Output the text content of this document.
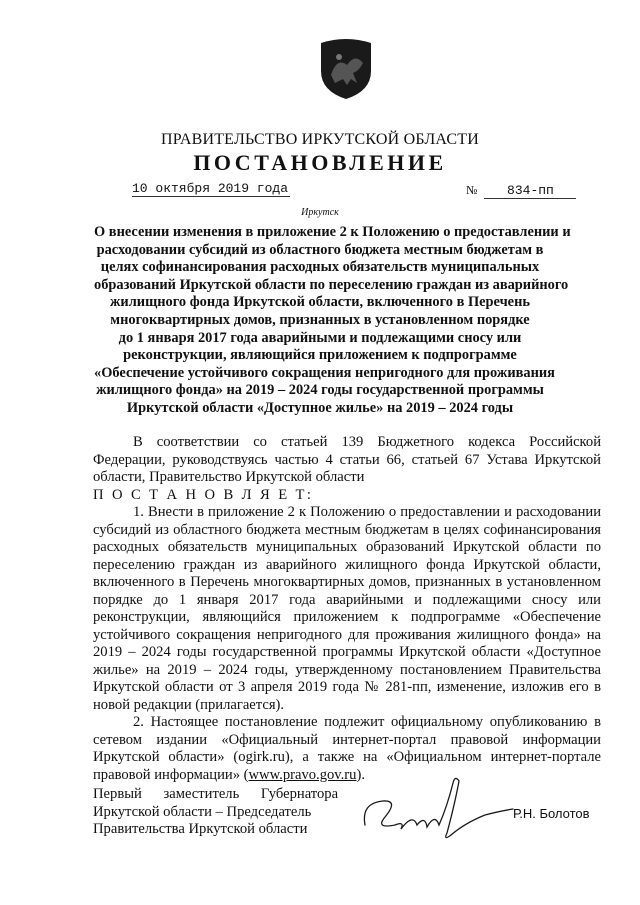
ПРАВИТЕЛЬСТВО ИРКУТСКОЙ ОБЛАСТИ
ПОСТАНОВЛЕНИЕ
10 октября 2019 года	№ 834-пп
Иркутск
О внесении изменения в приложение 2 к Положению о предоставлении и
расходовании субсидий из областного бюджета местным бюджетам в
целях софинансирования расходных обязательств муниципальных
образований Иркутской области по переселению граждан из аварийного
жилищного фонда Иркутской области, включенного в Перечень
многоквартирных домов, признанных в установленном порядке
до 1 января 2017 года аварийными и подлежащими сносу или
реконструкции, являющийся приложением к подпрограмме
«Обеспечение устойчивого сокращения непригодного для проживания
жилищного фонда» на 2019 – 2024 годы государственной программы
Иркутской области «Доступное жилье» на 2019 – 2024 годы
В соответствии со статьей 139 Бюджетного кодекса Российской Федерации, руководствуясь частью 4 статьи 66, статьей 67 Устава Иркутской области, Правительство Иркутской области
П О С Т А Н О В Л Я Е Т:
1. Внести в приложение 2 к Положению о предоставлении и расходовании субсидий из областного бюджета местным бюджетам в целях софинансирования расходных обязательств муниципальных образований Иркутской области по переселению граждан из аварийного жилищного фонда Иркутской области, включенного в Перечень многоквартирных домов, признанных в установленном порядке до 1 января 2017 года аварийными и подлежащими сносу или реконструкции, являющийся приложением к подпрограмме «Обеспечение устойчивого сокращения непригодного для проживания жилищного фонда» на 2019 – 2024 годы государственной программы Иркутской области «Доступное жилье» на 2019 – 2024 годы, утвержденному постановлением Правительства Иркутской области от 3 апреля 2019 года № 281-пп, изменение, изложив его в новой редакции (прилагается).
2. Настоящее постановление подлежит официальному опубликованию в сетевом издании «Официальный интернет-портал правовой информации Иркутской области» (ogirk.ru), а также на «Официальном интернет-портале правовой информации» (www.pravo.gov.ru).
Первый заместитель Губернатора
Иркутской области – Председатель
Правительства Иркутской области
Р.Н. Болотов
